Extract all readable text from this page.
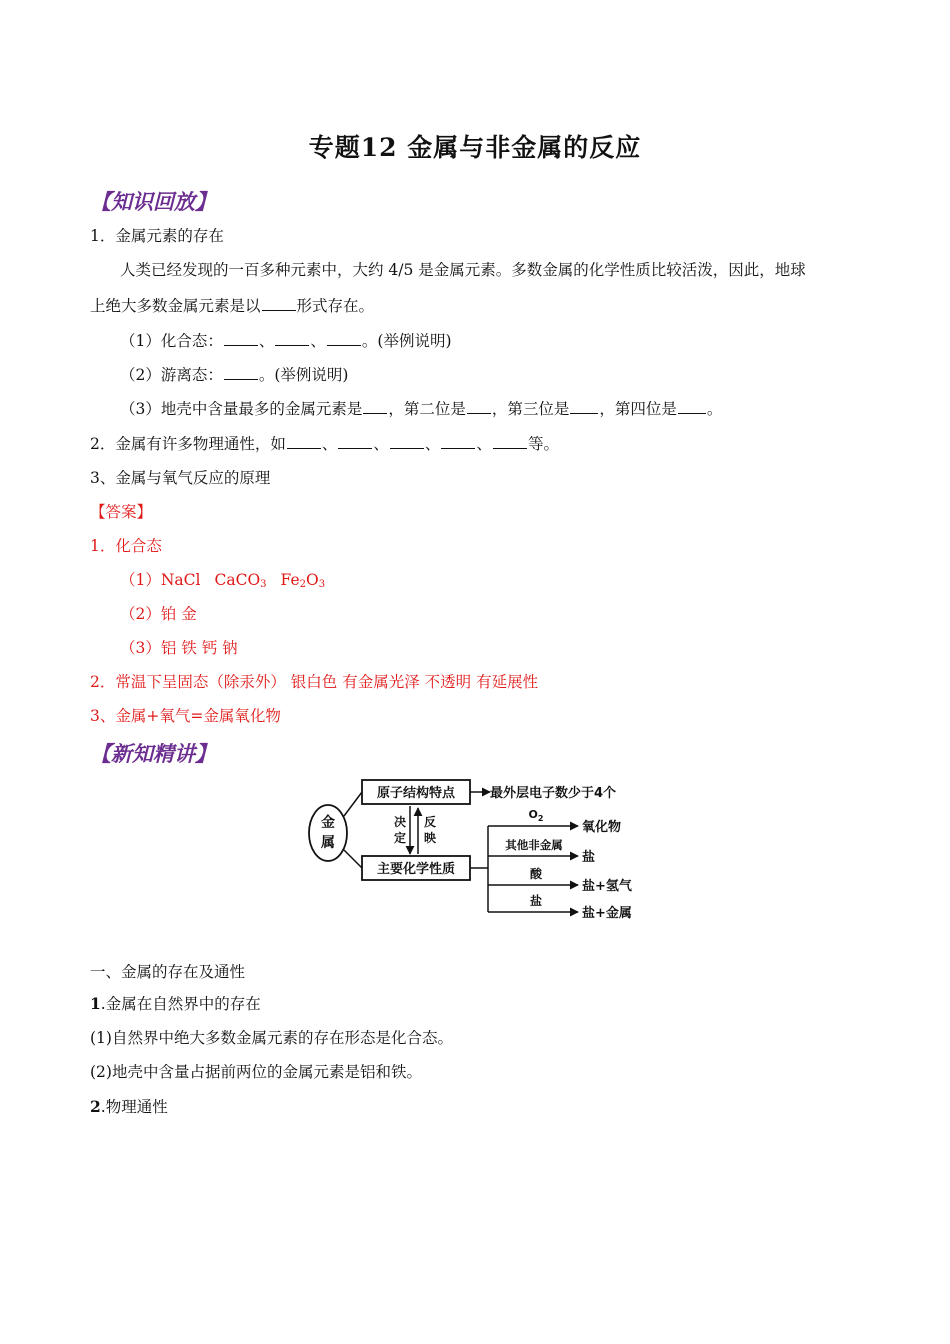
专题12 金属与非金属的反应
【知识回放】
1．金属元素的存在
人类已经发现的一百多种元素中，大约 4/5 是金属元素。多数金属的化学性质比较活泼，因此，地球
上绝大多数金属元素是以 形式存在。
（1）化合态： 、 、 。(举例说明)
（2）游离态： 。(举例说明)
（3）地壳中含量最多的金属元素是 ，第二位是 ，第三位是 ，第四位是 。
2．金属有许多物理通性，如 、 、 、 、 等。
3、金属与氧气反应的原理
【答案】
1．化合态
（1）NaCl CaCO$_3$ $Fe_2O_3$
（2）铂 金
（3）铝 铁 钙 钠
2．常温下呈固态（除汞外） 银白色 有金属光泽 不透明 有延展性
3、金属+氧气=金属氧化物
【新知精讲】
金
属
原子结构特点	最外层电子数少于4个
决
定
反
映
主要化学性质
$O_2$
氧化物
其他非金属
盐
酸
盐+氢气
盐
盐+金属
一、金属的存在及通性
1.金属在自然界中的存在
(1)自然界中绝大多数金属元素的存在形态是化合态。
(2)地壳中含量占据前两位的金属元素是铝和铁。
2.物理通性
